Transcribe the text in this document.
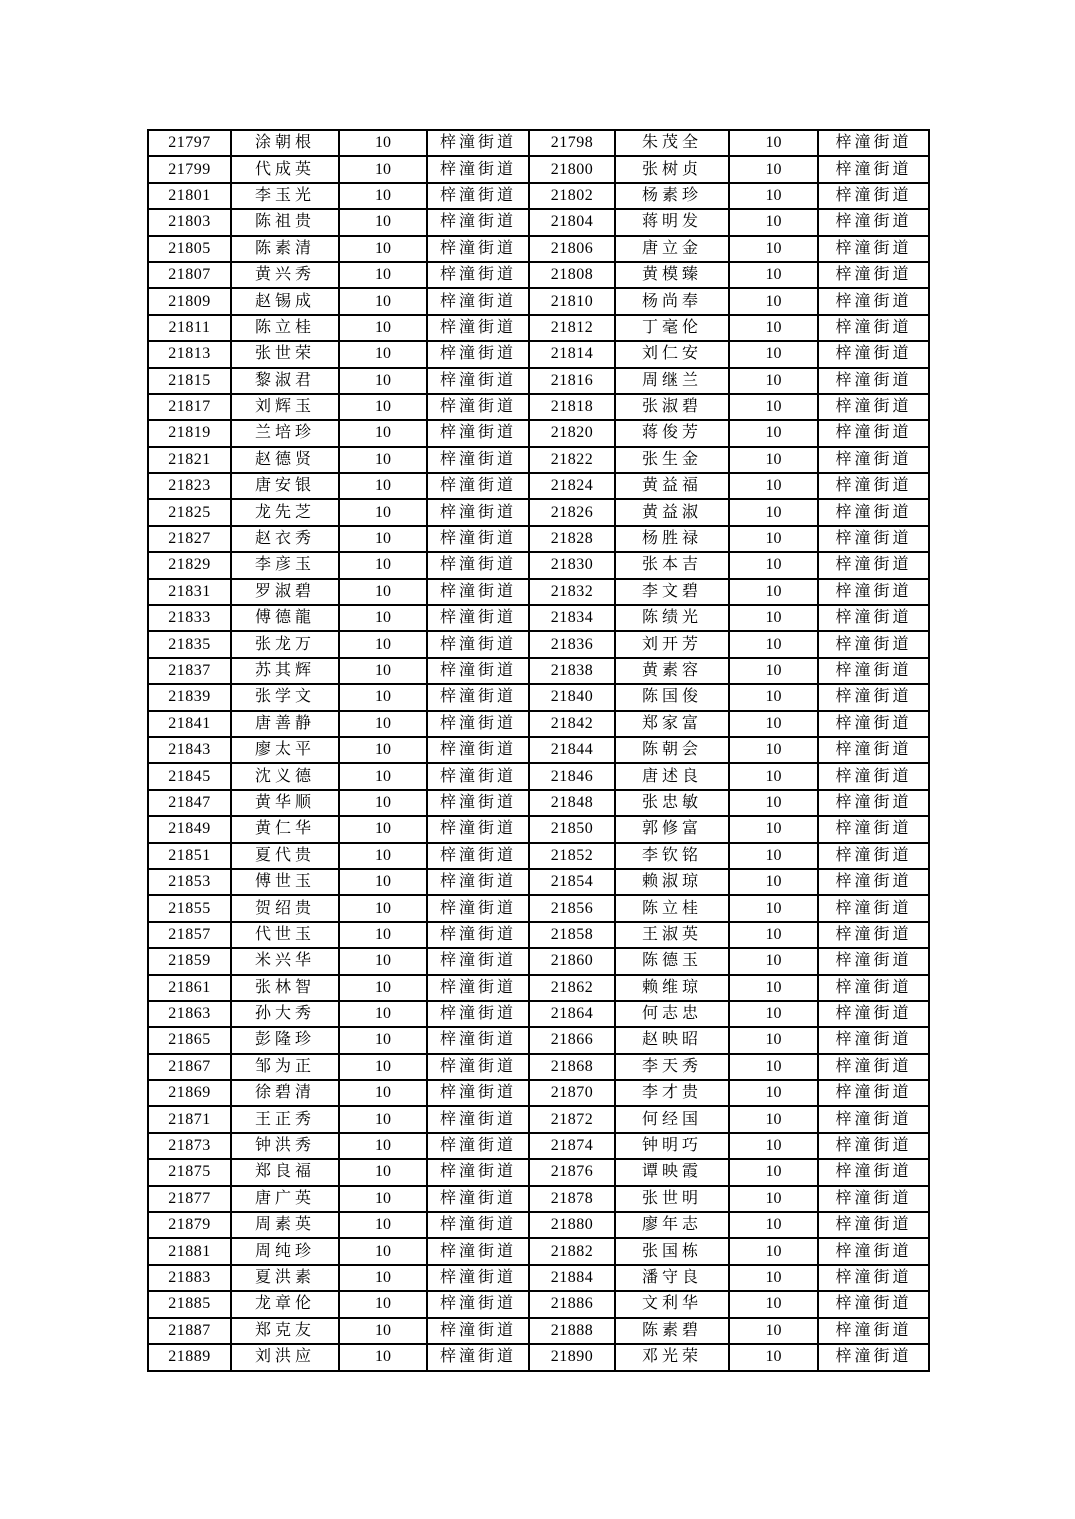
21797	涂朝根	10	梓潼街道	21798	朱茂全	10	梓潼街道
21799	代成英	10	梓潼街道	21800	张树贞	10	梓潼街道
21801	李玉光	10	梓潼街道	21802	杨素珍	10	梓潼街道
21803	陈祖贵	10	梓潼街道	21804	蒋明发	10	梓潼街道
21805	陈素清	10	梓潼街道	21806	唐立金	10	梓潼街道
21807	黄兴秀	10	梓潼街道	21808	黄模臻	10	梓潼街道
21809	赵锡成	10	梓潼街道	21810	杨尚奉	10	梓潼街道
21811	陈立桂	10	梓潼街道	21812	丁毫伦	10	梓潼街道
21813	张世荣	10	梓潼街道	21814	刘仁安	10	梓潼街道
21815	黎淑君	10	梓潼街道	21816	周继兰	10	梓潼街道
21817	刘辉玉	10	梓潼街道	21818	张淑碧	10	梓潼街道
21819	兰培珍	10	梓潼街道	21820	蒋俊芳	10	梓潼街道
21821	赵德贤	10	梓潼街道	21822	张生金	10	梓潼街道
21823	唐安银	10	梓潼街道	21824	黄益福	10	梓潼街道
21825	龙先芝	10	梓潼街道	21826	黄益淑	10	梓潼街道
21827	赵衣秀	10	梓潼街道	21828	杨胜禄	10	梓潼街道
21829	李彦玉	10	梓潼街道	21830	张本吉	10	梓潼街道
21831	罗淑碧	10	梓潼街道	21832	李文碧	10	梓潼街道
21833	傅德龍	10	梓潼街道	21834	陈绩光	10	梓潼街道
21835	张龙万	10	梓潼街道	21836	刘开芳	10	梓潼街道
21837	苏其辉	10	梓潼街道	21838	黄素容	10	梓潼街道
21839	张学文	10	梓潼街道	21840	陈国俊	10	梓潼街道
21841	唐善静	10	梓潼街道	21842	郑家富	10	梓潼街道
21843	廖太平	10	梓潼街道	21844	陈朝会	10	梓潼街道
21845	沈义德	10	梓潼街道	21846	唐述良	10	梓潼街道
21847	黄华顺	10	梓潼街道	21848	张忠敏	10	梓潼街道
21849	黄仁华	10	梓潼街道	21850	郭修富	10	梓潼街道
21851	夏代贵	10	梓潼街道	21852	李钦铭	10	梓潼街道
21853	傅世玉	10	梓潼街道	21854	赖淑琼	10	梓潼街道
21855	贺绍贵	10	梓潼街道	21856	陈立桂	10	梓潼街道
21857	代世玉	10	梓潼街道	21858	王淑英	10	梓潼街道
21859	米兴华	10	梓潼街道	21860	陈德玉	10	梓潼街道
21861	张林智	10	梓潼街道	21862	赖维琼	10	梓潼街道
21863	孙大秀	10	梓潼街道	21864	何志忠	10	梓潼街道
21865	彭隆珍	10	梓潼街道	21866	赵映昭	10	梓潼街道
21867	邹为正	10	梓潼街道	21868	李天秀	10	梓潼街道
21869	徐碧清	10	梓潼街道	21870	李才贵	10	梓潼街道
21871	王正秀	10	梓潼街道	21872	何经国	10	梓潼街道
21873	钟洪秀	10	梓潼街道	21874	钟明巧	10	梓潼街道
21875	郑良福	10	梓潼街道	21876	谭映霞	10	梓潼街道
21877	唐广英	10	梓潼街道	21878	张世明	10	梓潼街道
21879	周素英	10	梓潼街道	21880	廖年志	10	梓潼街道
21881	周纯珍	10	梓潼街道	21882	张国栋	10	梓潼街道
21883	夏洪素	10	梓潼街道	21884	潘守良	10	梓潼街道
21885	龙章伦	10	梓潼街道	21886	文利华	10	梓潼街道
21887	郑克友	10	梓潼街道	21888	陈素碧	10	梓潼街道
21889	刘洪应	10	梓潼街道	21890	邓光荣	10	梓潼街道
